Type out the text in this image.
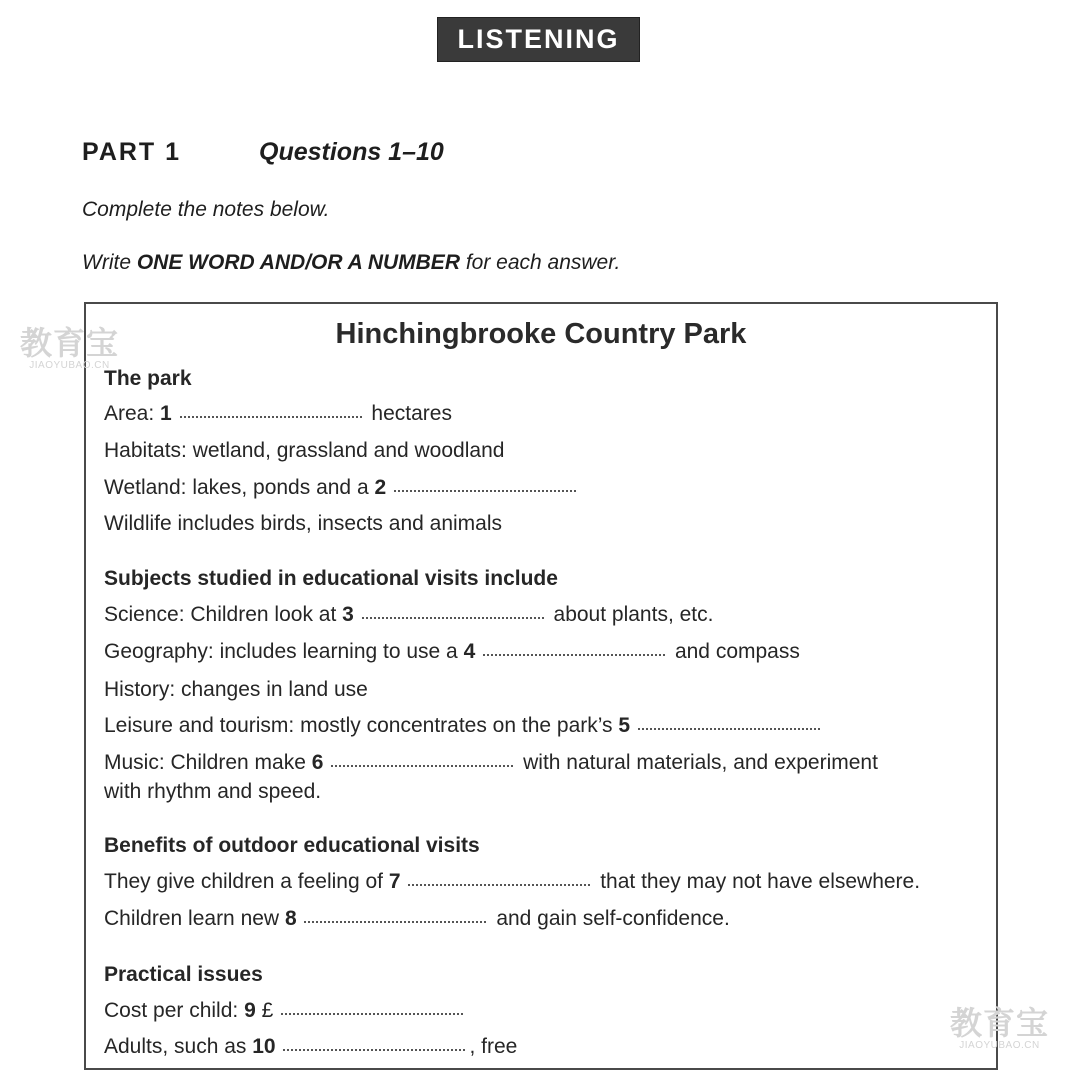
LISTENING
PART 1	Questions 1–10
Complete the notes below.
Write ONE WORD AND/OR A NUMBER for each answer.
Hinchingbrooke Country Park
The park
Area: 1	hectares
Habitats: wetland, grassland and woodland
Wetland: lakes, ponds and a 2
Wildlife includes birds, insects and animals
Subjects studied in educational visits include
Science: Children look at 3	about plants, etc.
Geography: includes learning to use a 4	and compass
History: changes in land use
Leisure and tourism: mostly concentrates on the park’s 5
Music: Children make 6	with natural materials, and experiment
with rhythm and speed.
Benefits of outdoor educational visits
They give children a feeling of 7	that they may not have elsewhere.
Children learn new 8	and gain self-confidence.
Practical issues
Cost per child: 9 £
Adults, such as 10	, free
教育宝
JIAOYUBAO.CN
教育宝
JIAOYUBAO.CN
